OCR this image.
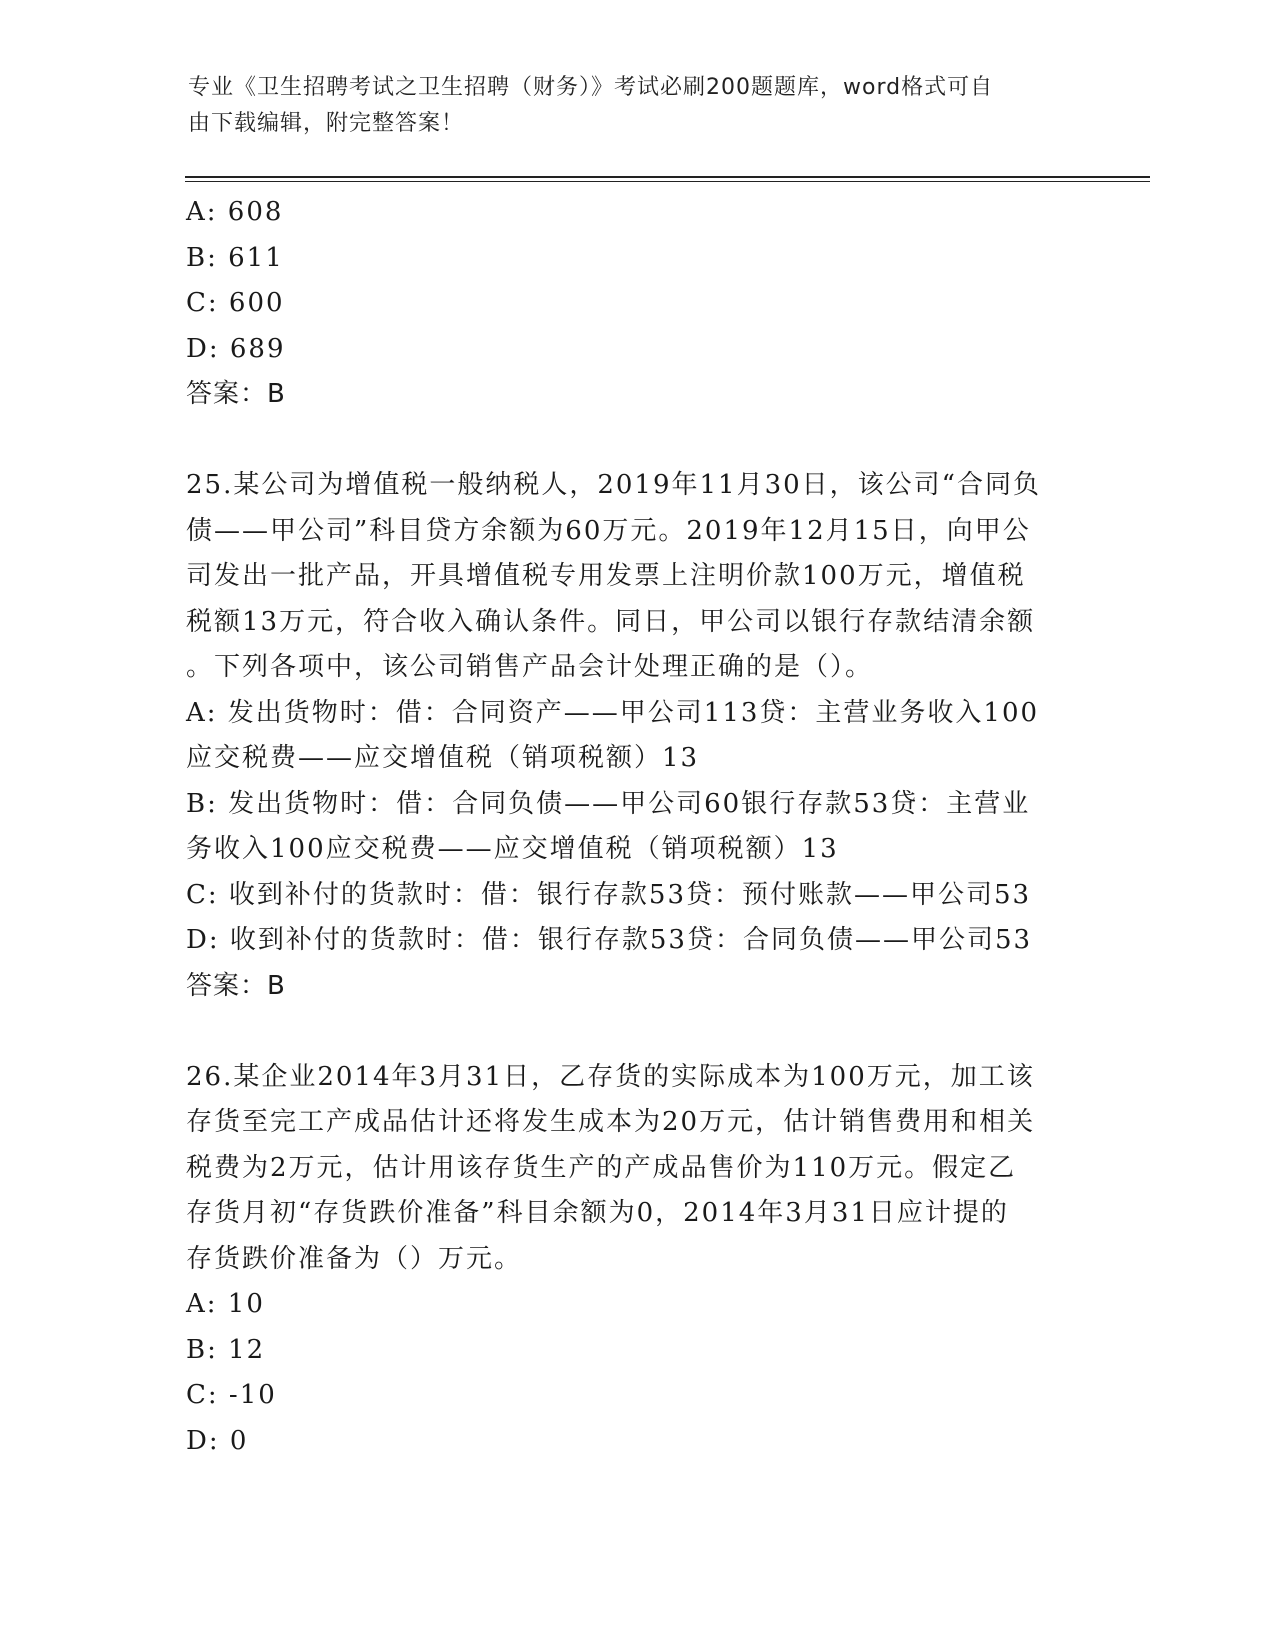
专业《卫生招聘考试之卫生招聘（财务）》考试必刷200题题库，word格式可自
由下载编辑，附完整答案！
A: 608
B: 611
C: 600
D: 689
答案：B
25.某公司为增值税一般纳税人，2019年11月30日，该公司“合同负
债——甲公司”科目贷方余额为60万元。2019年12月15日，向甲公
司发出一批产品，开具增值税专用发票上注明价款100万元，增值税
税额13万元，符合收入确认条件。同日，甲公司以银行存款结清余额
。下列各项中，该公司销售产品会计处理正确的是（）。
A: 发出货物时：借：合同资产——甲公司113贷：主营业务收入100
应交税费——应交增值税（销项税额）13
B: 发出货物时：借：合同负债——甲公司60银行存款53贷：主营业
务收入100应交税费——应交增值税（销项税额）13
C: 收到补付的货款时：借：银行存款53贷：预付账款——甲公司53
D: 收到补付的货款时：借：银行存款53贷：合同负债——甲公司53
答案：B
26.某企业2014年3月31日，乙存货的实际成本为100万元，加工该
存货至完工产成品估计还将发生成本为20万元，估计销售费用和相关
税费为2万元，估计用该存货生产的产成品售价为110万元。假定乙
存货月初“存货跌价准备”科目余额为0，2014年3月31日应计提的
存货跌价准备为（）万元。
A: 10
B: 12
C: -10
D: 0
